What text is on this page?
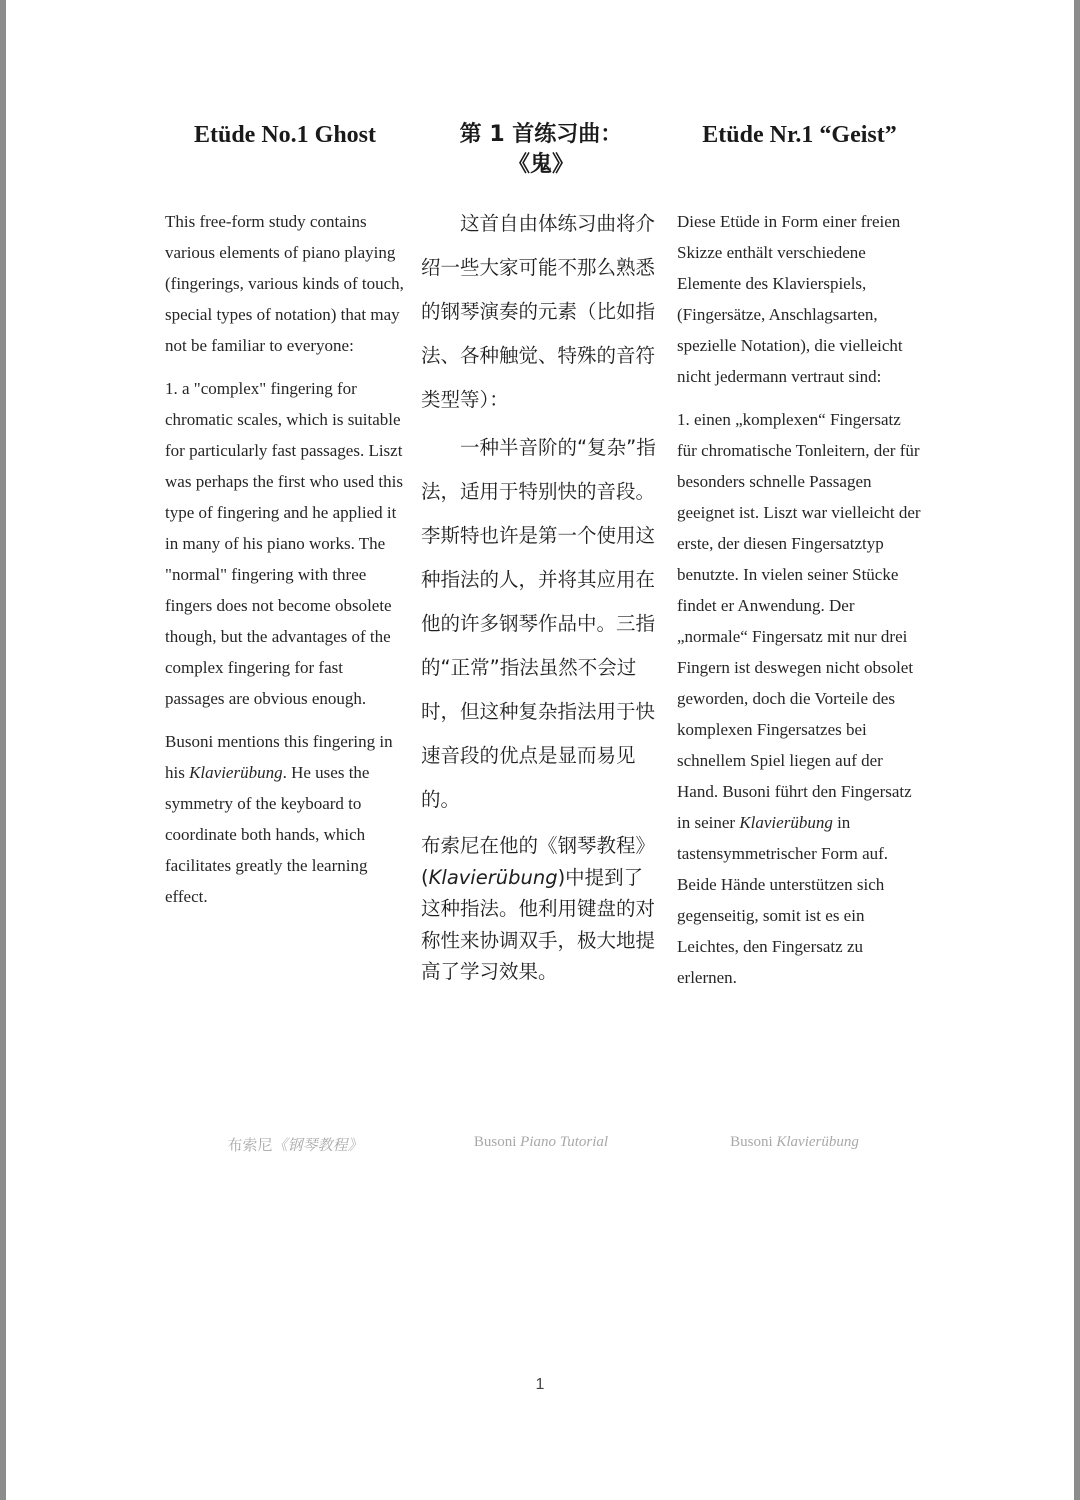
Etüde No.1 Ghost

This free-form study contains various elements of piano playing (fingerings, various kinds of touch, special types of notation) that may not be familiar to everyone:

1. a "complex" fingering for chromatic scales, which is suitable for particularly fast passages. Liszt was perhaps the first who used this type of fingering and he applied it in many of his piano works. The "normal" fingering with three fingers does not become obsolete though, but the advantages of the complex fingering for fast passages are obvious enough.

Busoni mentions this fingering in his Klavierübung. He uses the symmetry of the keyboard to coordinate both hands, which facilitates greatly the learning effect.

第 1 首练习曲：
《鬼》

这首自由体练习曲将介绍一些大家可能不那么熟悉的钢琴演奏的元素（比如指法、各种触觉、特殊的音符类型等）：

一种半音阶的“复杂”指法，适用于特别快的音段。李斯特也许是第一个使用这种指法的人，并将其应用在他的许多钢琴作品中。三指的“正常”指法虽然不会过时，但这种复杂指法用于快速音段的优点是显而易见的。

布索尼在他的《钢琴教程》(Klavierübung)中提到了这种指法。他利用键盘的对称性来协调双手，极大地提高了学习效果。

Etüde Nr.1 “Geist”

Diese Etüde in Form einer freien Skizze enthält verschiedene Elemente des Klavierspiels, (Fingersätze, Anschlagsarten, spezielle Notation), die vielleicht nicht jedermann vertraut sind:

1. einen „komplexen“ Fingersatz für chromatische Tonleitern, der für besonders schnelle Passagen geeignet ist. Liszt war vielleicht der erste, der diesen Fingersatztyp benutzte. In vielen seiner Stücke findet er Anwendung. Der „normale“ Fingersatz mit nur drei Fingern ist deswegen nicht obsolet geworden, doch die Vorteile des komplexen Fingersatzes bei schnellem Spiel liegen auf der Hand. Busoni führt den Fingersatz in seiner Klavierübung in tastensymmetrischer Form auf. Beide Hände unterstützen sich gegenseitig, somit ist es ein Leichtes, den Fingersatz zu erlernen.

布索尼《钢琴教程》	Busoni Piano Tutorial	Busoni Klavierübung

1
